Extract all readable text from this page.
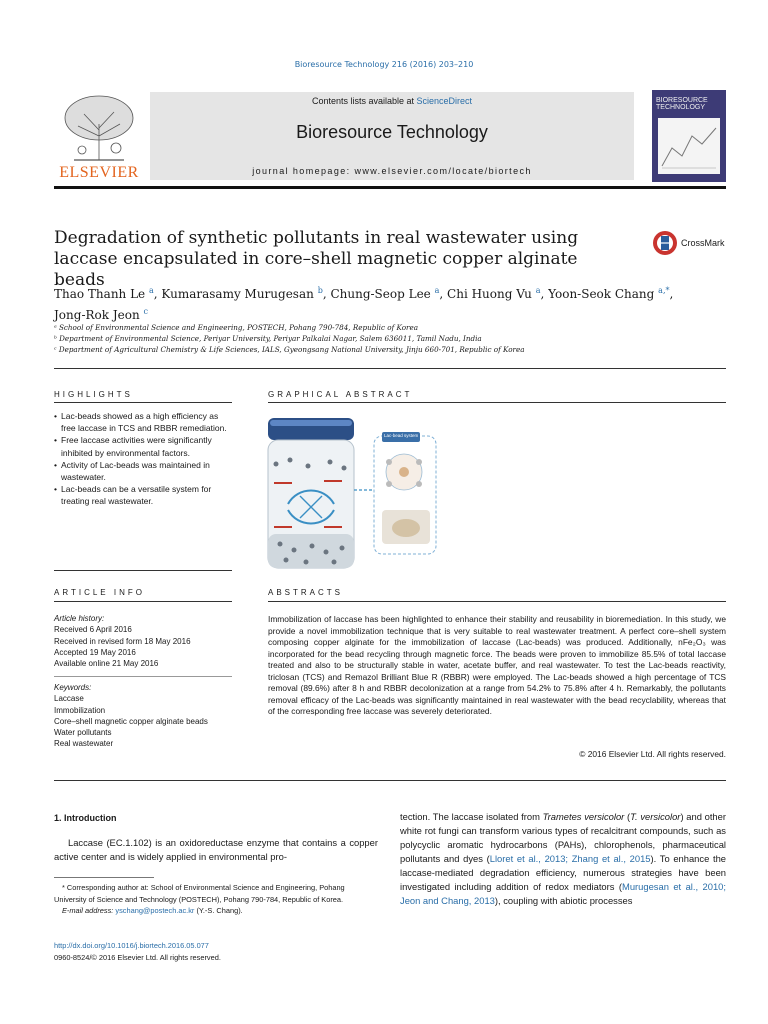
Bioresource Technology 216 (2016) 203–210
ELSEVIER
Contents lists available at ScienceDirect
Bioresource Technology
journal homepage: www.elsevier.com/locate/biortech
BIORESOURCE TECHNOLOGY
Degradation of synthetic pollutants in real wastewater using laccase encapsulated in core–shell magnetic copper alginate beads
CrossMark
Thao Thanh Le $^a$, Kumarasamy Murugesan $^b$, Chung-Seop Lee $^a$, Chi Huong Vu $^a$, Yoon-Seok Chang $^{a,*}$,
Jong-Rok Jeon $^c$
ᵃ School of Environmental Science and Engineering, POSTECH, Pohang 790-784, Republic of Korea
ᵇ Department of Environmental Science, Periyar University, Periyar Palkalai Nagar, Salem 636011, Tamil Nadu, India
ᶜ Department of Agricultural Chemistry & Life Sciences, IALS, Gyeongsang National University, Jinju 660-701, Republic of Korea
HIGHLIGHTS
• Lac-beads showed as a high efficiency as free laccase in TCS and RBBR remediation.
• Free laccase activities were significantly inhibited by environmental factors.
• Activity of Lac-beads was maintained in wastewater.
• Lac-beads can be a versatile system for treating real wastewater.
GRAPHICAL ABSTRACT
Lac-bead system
ARTICLE INFO
Article history:
Received 6 April 2016
Received in revised form 18 May 2016
Accepted 19 May 2016
Available online 21 May 2016
Keywords:
Laccase
Immobilization
Core–shell magnetic copper alginate beads
Water pollutants
Real wastewater
ABSTRACTS
Immobilization of laccase has been highlighted to enhance their stability and reusability in bioremediation. In this study, we provide a novel immobilization technique that is very suitable to real wastewater treatment. A perfect core–shell system composing copper alginate for the immobilization of laccase (Lac-beads) was produced. Additionally, nFe₂O₃ was incorporated for the bead recycling through magnetic force. The beads were proven to immobilize 85.5% of total laccase treated and also to be structurally stable in water, acetate buffer, and real wastewater. To test the Lac-beads reactivity, triclosan (TCS) and Remazol Brilliant Blue R (RBBR) were employed. The Lac-beads showed a high percentage of TCS removal (89.6%) after 8 h and RBBR decolonization at a range from 54.2% to 75.8% after 4 h. Remarkably, the pollutants removal efficacy of the Lac-beads was significantly maintained in real wastewater with the bead recyclability, whereas that of the corresponding free laccase was severely deteriorated.
© 2016 Elsevier Ltd. All rights reserved.
1. Introduction
Laccase (EC.1.102) is an oxidoreductase enzyme that contains a copper active center and is widely applied in environmental pro-
tection. The laccase isolated from Trametes versicolor (T. versicolor) and other white rot fungi can transform various types of recalcitrant compounds, such as polycyclic aromatic hydrocarbons (PAHs), chlorophenols, pharmaceutical pollutants and dyes (Lloret et al., 2013; Zhang et al., 2015). To enhance the laccase-mediated degradation efficiency, numerous strategies have been investigated including addition of redox mediators (Murugesan et al., 2010; Jeon and Chang, 2013), coupling with abiotic processes
* Corresponding author at: School of Environmental Science and Engineering, Pohang University of Science and Technology (POSTECH), Pohang 790-784, Republic of Korea.
E-mail address: yschang@postech.ac.kr (Y.-S. Chang).
http://dx.doi.org/10.1016/j.biortech.2016.05.077
0960-8524/© 2016 Elsevier Ltd. All rights reserved.
